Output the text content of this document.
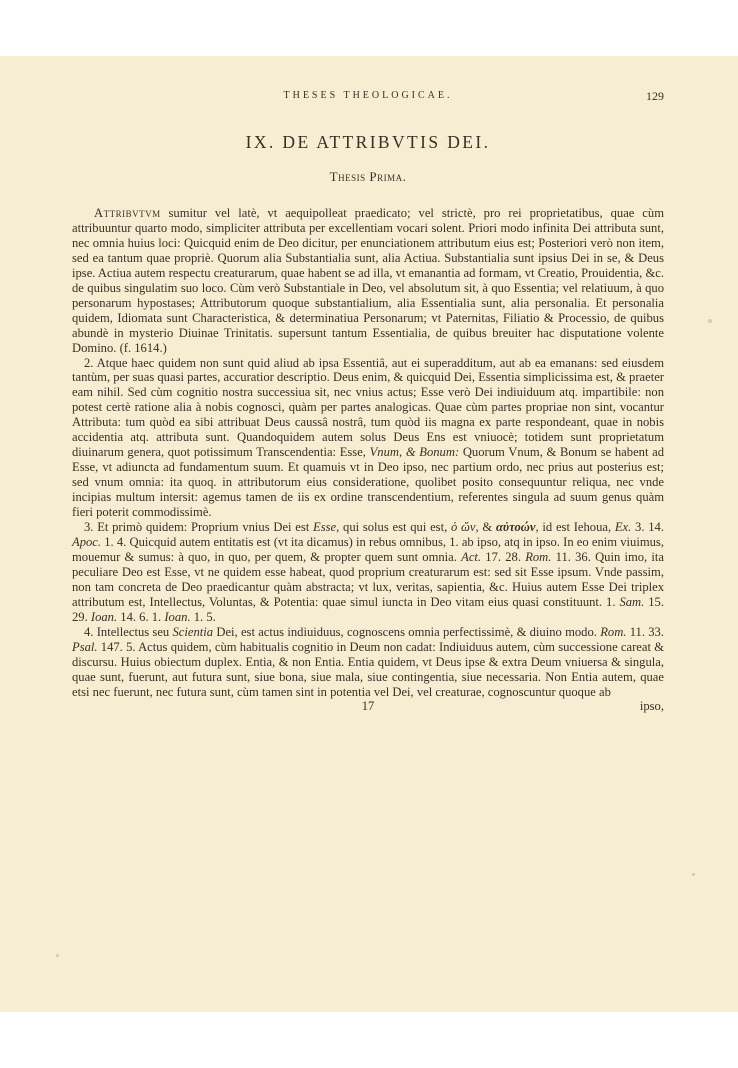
THESES THEOLOGICAE.	129
IX. DE ATTRIBVTIS DEI.
Thesis Prima.

Attribvtvm sumitur vel latè, vt aequipolleat praedicato; vel strictè, pro rei proprietatibus, quae cùm attribuuntur quarto modo, simpliciter attributa per excellentiam vocari solent. Priori modo infinita Dei attributa sunt, nec omnia huius loci: Quicquid enim de Deo dicitur, per enunciationem attributum eius est; Posteriori verò non item, sed ea tantum quae propriè. Quorum alia Substantialia sunt, alia Actiua. Substantialia sunt ipsius Dei in se, & Deus ipse. Actiua autem respectu creaturarum, quae habent se ad illa, vt emanantia ad formam, vt Creatio, Prouidentia, &c. de quibus singulatim suo loco. Cùm verò Substantiale in Deo, vel absolutum sit, à quo Essentia; vel relatiuum, à quo personarum hypostases; Attributorum quoque substantialium, alia Essentialia sunt, alia personalia. Et personalia quidem, Idiomata sunt Characteristica, & determinatiua Personarum; vt Paternitas, Filiatio & Processio, de quibus abundè in mysterio Diuinae Trinitatis. supersunt tantum Essentialia, de quibus breuiter hac disputatione volente Domino. (f. 1614.)

2. Atque haec quidem non sunt quid aliud ab ipsa Essentiâ, aut ei superadditum, aut ab ea emanans: sed eiusdem tantùm, per suas quasi partes, accuratior descriptio. Deus enim, & quicquid Dei, Essentia simplicissima est, & praeter eam nihil. Sed cùm cognitio nostra successiua sit, nec vnius actus; Esse verò Dei indiuiduum atq. impartibile: non potest certè ratione alia à nobis cognosci, quàm per partes analogicas. Quae cùm partes propriae non sint, vocantur Attributa: tum quòd ea sibi attribuat Deus caussâ nostrâ, tum quòd iis magna ex parte respondeant, quae in nobis accidentia atq. attributa sunt. Quandoquidem autem solus Deus Ens est vniuocè; totidem sunt proprietatum diuinarum genera, quot potissimum Transcendentia: Esse, Vnum, & Bonum: Quorum Vnum, & Bonum se habent ad Esse, vt adiuncta ad fundamentum suum. Et quamuis vt in Deo ipso, nec partium ordo, nec prius aut posterius est; sed vnum omnia: ita quoq. in attributorum eius consideratione, quolibet posito consequuntur reliqua, nec vnde incipias multum intersit: agemus tamen de iis ex ordine transcendentium, referentes singula ad suum genus quàm fieri poterit commodissimè.

3. Et primò quidem: Proprium vnius Dei est Esse, qui solus est qui est, ὁ ὤν, & αὐτοών, id est Iehoua, Ex. 3. 14. Apoc. 1. 4. Quicquid autem entitatis est (vt ita dicamus) in rebus omnibus, 1. ab ipso, atq in ipso. In eo enim viuimus, mouemur & sumus: à quo, in quo, per quem, & propter quem sunt omnia. Act. 17. 28. Rom. 11. 36. Quin imo, ita peculiare Deo est Esse, vt ne quidem esse habeat, quod proprium creaturarum est: sed sit Esse ipsum. Vnde passim, non tam concreta de Deo praedicantur quàm abstracta; vt lux, veritas, sapientia, &c. Huius autem Esse Dei triplex attributum est, Intellectus, Voluntas, & Potentia: quae simul iuncta in Deo vitam eius quasi constituunt. 1. Sam. 15. 29. Ioan. 14. 6. 1. Ioan. 1. 5.

4. Intellectus seu Scientia Dei, est actus indiuiduus, cognoscens omnia perfectissimè, & diuino modo. Rom. 11. 33. Psal. 147. 5. Actus quidem, cùm habitualis cognitio in Deum non cadat: Indiuiduus autem, cùm successione careat & discursu. Huius obiectum duplex. Entia, & non Entia. Entia quidem, vt Deus ipse & extra Deum vniuersa & singula, quae sunt, fuerunt, aut futura sunt, siue bona, siue mala, siue contingentia, siue necessaria. Non Entia autem, quae etsi nec fuerunt, nec futura sunt, cùm tamen sint in potentia vel Dei, vel creaturae, cognoscuntur quoque ab

17	ipso,
